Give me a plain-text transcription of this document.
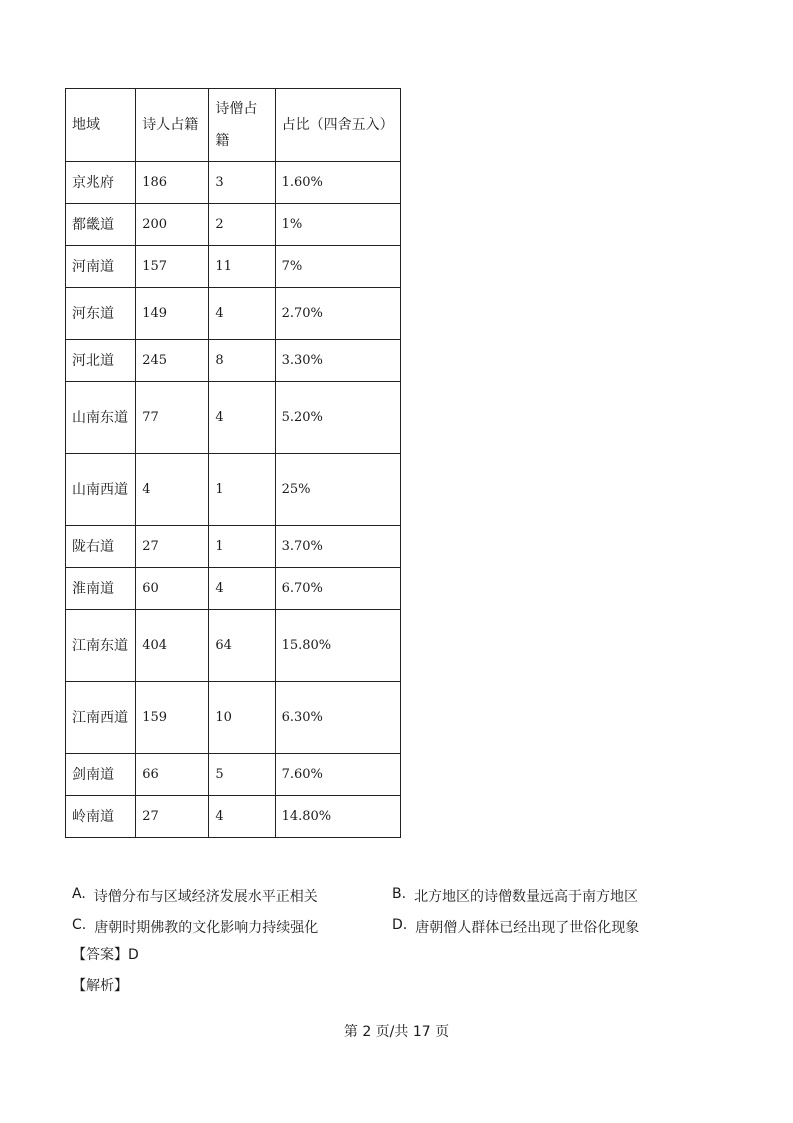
地域	诗人占籍	诗僧占籍	占比（四舍五入）
京兆府	186	3	1.60%
都畿道	200	2	1%
河南道	157	11	7%
河东道	149	4	2.70%
河北道	245	8	3.30%
山南东道	77	4	5.20%
山南西道	4	1	25%
陇右道	27	1	3.70%
淮南道	60	4	6.70%
江南东道	404	64	15.80%
江南西道	159	10	6.30%
剑南道	66	5	7.60%
岭南道	27	4	14.80%
A. 诗僧分布与区域经济发展水平正相关	B. 北方地区的诗僧数量远高于南方地区
C. 唐朝时期佛教的文化影响力持续强化	D. 唐朝僧人群体已经出现了世俗化现象
【答案】D
【解析】
第 2 页/共 17 页
